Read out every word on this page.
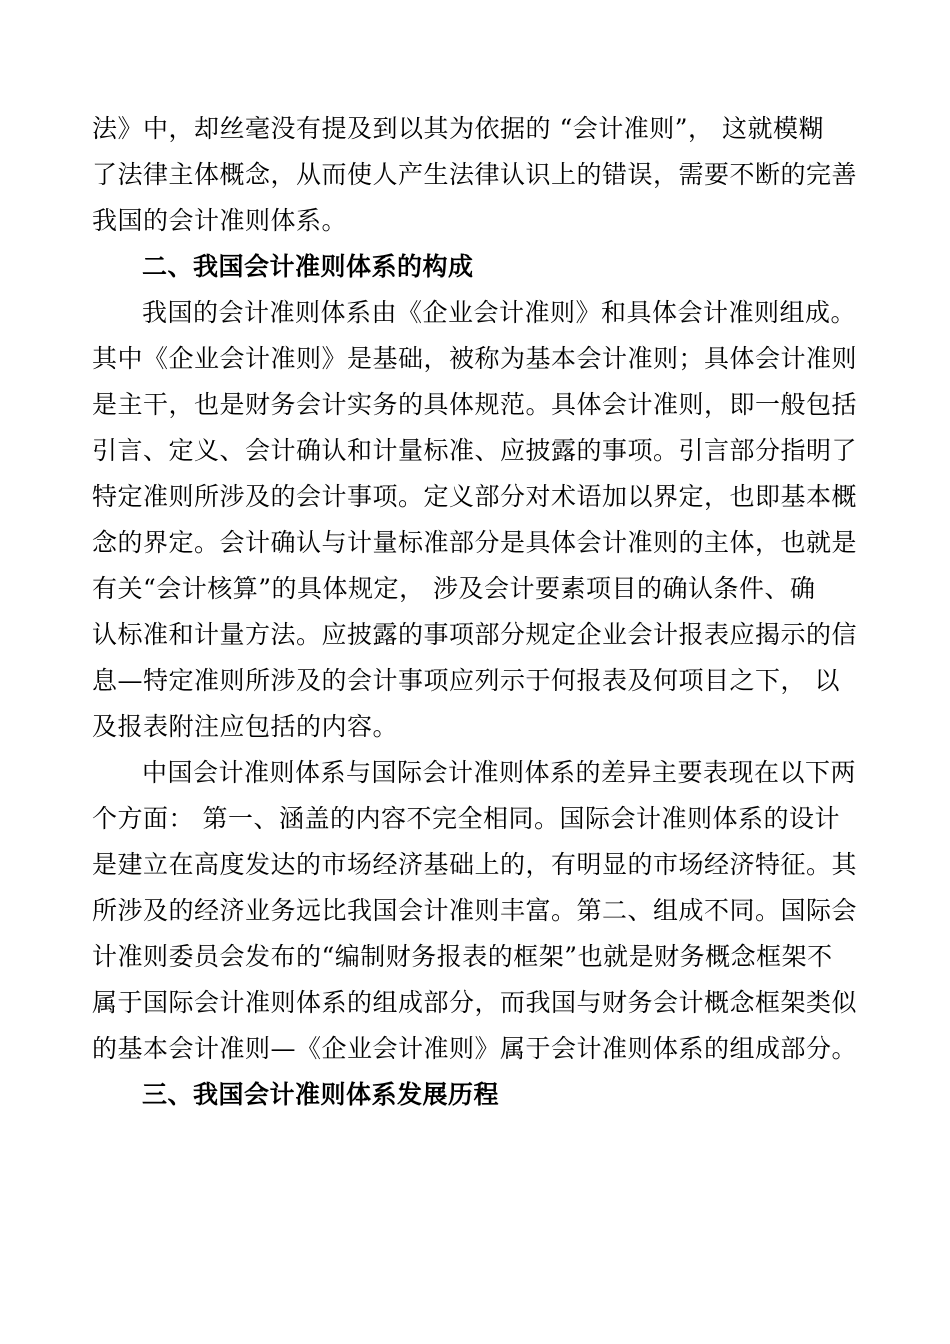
法》中，却丝毫没有提及到以其为依据的 “会计准则”， 这就模糊
了法律主体概念，从而使人产生法律认识上的错误，需要不断的完善
我国的会计准则体系。
二、我国会计准则体系的构成
我国的会计准则体系由《企业会计准则》和具体会计准则组成。
其中《企业会计准则》是基础，被称为基本会计准则；具体会计准则
是主干，也是财务会计实务的具体规范。具体会计准则，即一般包括
引言、定义、会计确认和计量标准、应披露的事项。引言部分指明了
特定准则所涉及的会计事项。定义部分对术语加以界定，也即基本概
念的界定。会计确认与计量标准部分是具体会计准则的主体，也就是
有关“会计核算”的具体规定， 涉及会计要素项目的确认条件、确
认标准和计量方法。应披露的事项部分规定企业会计报表应揭示的信
息—特定准则所涉及的会计事项应列示于何报表及何项目之下， 以
及报表附注应包括的内容。
中国会计准则体系与国际会计准则体系的差异主要表现在以下两
个方面： 第一、涵盖的内容不完全相同。国际会计准则体系的设计
是建立在高度发达的市场经济基础上的，有明显的市场经济特征。其
所涉及的经济业务远比我国会计准则丰富。第二、组成不同。国际会
计准则委员会发布的“编制财务报表的框架”也就是财务概念框架不
属于国际会计准则体系的组成部分，而我国与财务会计概念框架类似
的基本会计准则—《企业会计准则》属于会计准则体系的组成部分。
三、我国会计准则体系发展历程
